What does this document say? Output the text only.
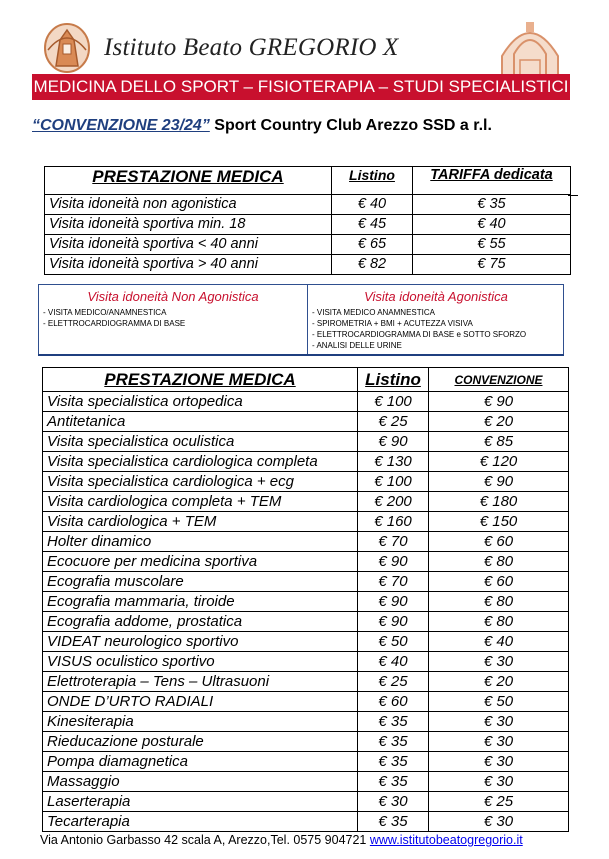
Istituto Beato GREGORIO X
MEDICINA DELLO SPORT – FISIOTERAPIA – STUDI SPECIALISTICI
“CONVENZIONE 23/24” Sport Country Club Arezzo SSD a r.l.
PRESTAZIONE MEDICA	Listino	TARIFFA dedicata
Visita idoneità non agonistica	€ 40	€ 35
Visita idoneità sportiva min. 18	€ 45	€ 40
Visita idoneità sportiva < 40 anni	€ 65	€ 55
Visita idoneità sportiva > 40 anni	€ 82	€ 75
Visita idoneità Non Agonistica
- VISITA MEDICO/ANAMNESTICA
- ELETTROCARDIOGRAMMA DI BASE
Visita idoneità Agonistica
- VISITA MEDICO ANAMNESTICA
- SPIROMETRIA + BMI + ACUTEZZA VISIVA
- ELETTROCARDIOGRAMMA DI BASE e SOTTO SFORZO
- ANALISI DELLE URINE
PRESTAZIONE MEDICA	Listino	CONVENZIONE
Visita specialistica ortopedica	€ 100	€ 90
Antitetanica	€ 25	€ 20
Visita specialistica oculistica	€ 90	€ 85
Visita specialistica cardiologica completa	€ 130	€ 120
Visita specialistica cardiologica + ecg	€ 100	€ 90
Visita cardiologica completa + TEM	€ 200	€ 180
Visita cardiologica + TEM	€ 160	€ 150
Holter dinamico	€ 70	€ 60
Ecocuore per medicina sportiva	€ 90	€ 80
Ecografia muscolare	€ 70	€ 60
Ecografia mammaria, tiroide	€ 90	€ 80
Ecografia addome, prostatica	€ 90	€ 80
VIDEAT neurologico sportivo	€ 50	€ 40
VISUS oculistico sportivo	€ 40	€ 30
Elettroterapia – Tens – Ultrasuoni	€ 25	€ 20
ONDE D’URTO RADIALI	€ 60	€ 50
Kinesiterapia	€ 35	€ 30
Rieducazione posturale	€ 35	€ 30
Pompa diamagnetica	€ 35	€ 30
Massaggio	€ 35	€ 30
Laserterapia	€ 30	€ 25
Tecarterapia	€ 35	€ 30
Via Antonio Garbasso 42 scala A, Arezzo,Tel. 0575 904721 www.istitutobeatogregorio.it
